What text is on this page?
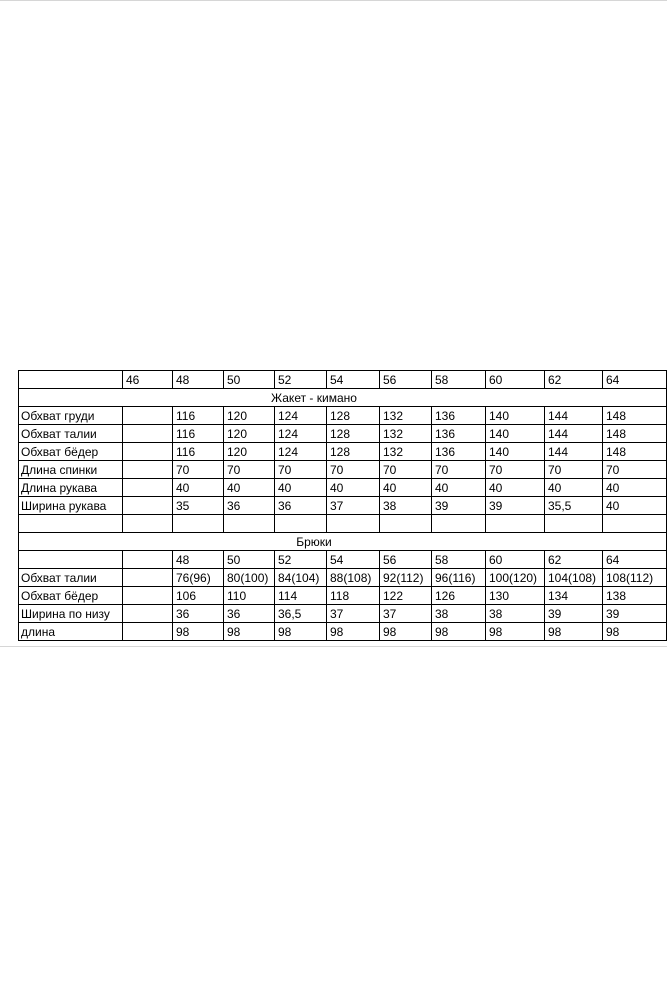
	46	48	50	52	54	56	58	60	62	64
Жакет - кимано										
Обхват груди		116	120	124	128	132	136	140	144	148
Обхват талии		116	120	124	128	132	136	140	144	148
Обхват бёдер		116	120	124	128	132	136	140	144	148
Длина спинки		70	70	70	70	70	70	70	70	70
Длина рукава		40	40	40	40	40	40	40	40	40
Ширина рукава		35	36	36	37	38	39	39	35,5	40

Брюки										
		48	50	52	54	56	58	60	62	64
Обхват талии		76(96)	80(100)	84(104)	88(108)	92(112)	96(116)	100(120)	104(108)	108(112)
Обхват бёдер		106	110	114	118	122	126	130	134	138
Ширина по низу		36	36	36,5	37	37	38	38	39	39
длина		98	98	98	98	98	98	98	98	98
